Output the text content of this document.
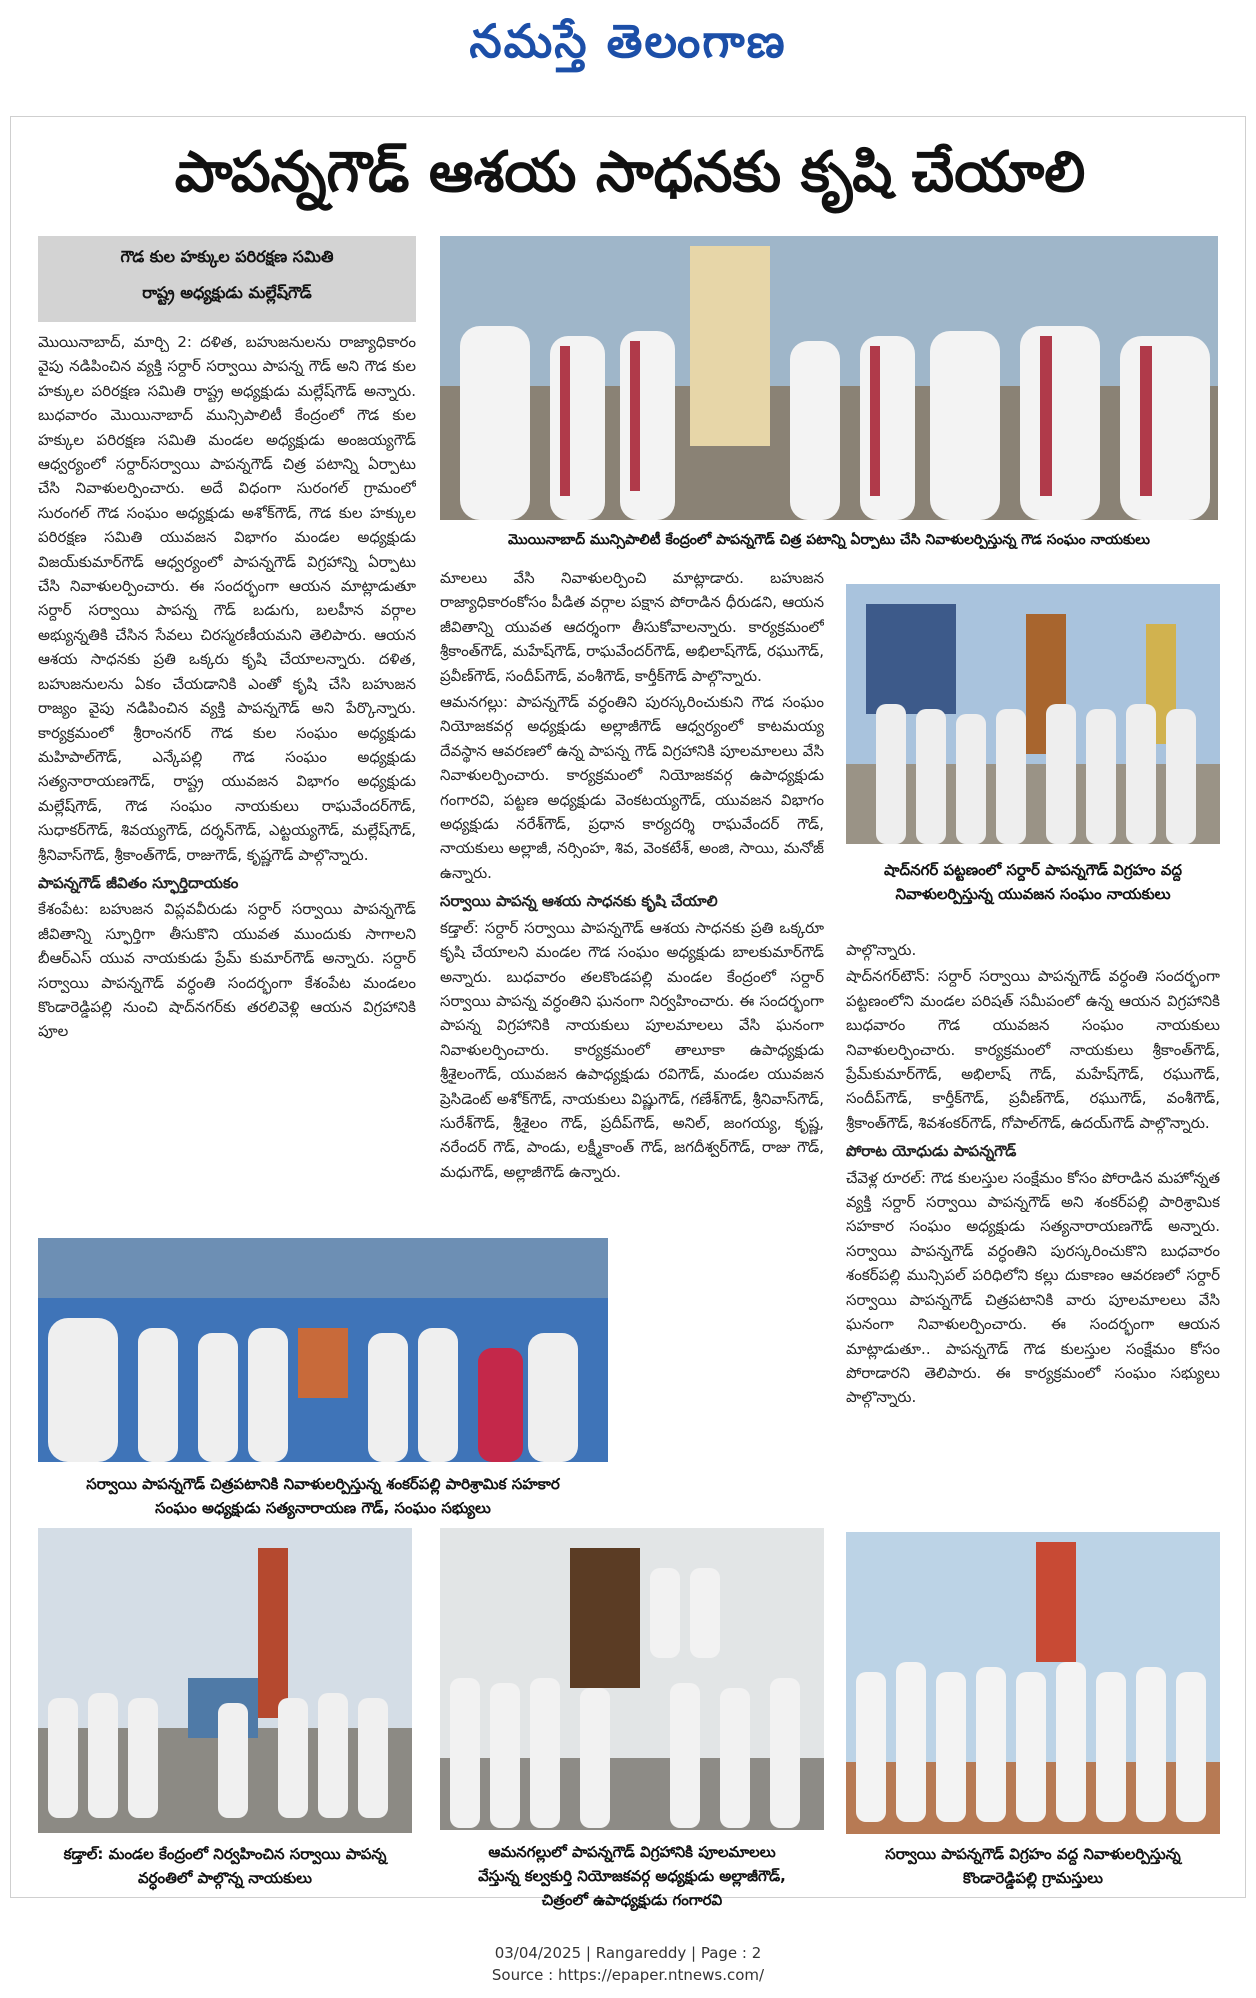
నమస్తే తెలంగాణ
పాపన్నగౌడ్ ఆశయ సాధనకు కృషి చేయాలి
గౌడ కుల హక్కుల పరిరక్షణ సమితి
రాష్ట్ర అధ్యక్షుడు మల్లేష్‌గౌడ్

మొయినాబాద్, మార్చి 2: దళిత, బహుజనులను రాజ్యాధికారం వైపు నడిపించిన వ్యక్తి సర్దార్ సర్వాయి పాపన్న గౌడ్ అని గౌడ కుల హక్కుల పరిరక్షణ సమితి రాష్ట్ర అధ్యక్షుడు మల్లేష్‌గౌడ్ అన్నారు. బుధవారం మొయినాబాద్ మున్సిపాలిటీ కేంద్రంలో గౌడ కుల హక్కుల పరిరక్షణ సమితి మండల అధ్యక్షుడు అంజయ్యగౌడ్ ఆధ్వర్యంలో సర్దార్‌సర్వాయి పాపన్నగౌడ్ చిత్ర పటాన్ని ఏర్పాటు చేసి నివాళులర్పించారు. అదే విధంగా సురంగల్ గ్రామంలో సురంగల్ గౌడ సంఘం అధ్యక్షుడు అశోక్‌గౌడ్, గౌడ కుల హక్కుల పరిరక్షణ సమితి యువజన విభాగం మండల అధ్యక్షుడు విజయ్‌కుమార్‌గౌడ్ ఆధ్వర్యంలో పాపన్నగౌడ్ విగ్రహాన్ని ఏర్పాటు చేసి నివాళులర్పించారు. ఈ సందర్భంగా ఆయన మాట్లాడుతూ సర్దార్ సర్వాయి పాపన్న గౌడ్ బడుగు, బలహీన వర్గాల అభ్యున్నతికి చేసిన సేవలు చిరస్మరణీయమని తెలిపారు. ఆయన ఆశయ సాధనకు ప్రతి ఒక్కరు కృషి చేయాలన్నారు. దళిత, బహుజనులను ఏకం చేయడానికి ఎంతో కృషి చేసి బహుజన రాజ్యం వైపు నడిపించిన వ్యక్తి పాపన్నగౌడ్ అని పేర్కొన్నారు. కార్యక్రమంలో శ్రీరాంనగర్ గౌడ కుల సంఘం అధ్యక్షుడు మహిపాల్‌గౌడ్, ఎన్కేపల్లి గౌడ సంఘం అధ్యక్షుడు సత్యనారాయణగౌడ్, రాష్ట్ర యువజన విభాగం అధ్యక్షుడు మల్లేష్‌గౌడ్, గౌడ సంఘం నాయకులు రాఘవేందర్‌గౌడ్, సుధాకర్‌గౌడ్, శివయ్యగౌడ్, దర్శన్‌గౌడ్, ఎట్టయ్యగౌడ్, మల్లేష్‌గౌడ్, శ్రీనివాస్‌గౌడ్, శ్రీకాంత్‌గౌడ్, రాజుగౌడ్, కృష్ణగౌడ్ పాల్గొన్నారు.

పాపన్నగౌడ్ జీవితం స్ఫూర్తిదాయకం

కేశంపేట: బహుజన విప్లవవీరుడు సర్దార్ సర్వాయి పాపన్నగౌడ్ జీవితాన్ని స్ఫూర్తిగా తీసుకొని యువత ముందుకు సాగాలని బీఆర్‌ఎస్ యువ నాయకుడు ప్రేమ్ కుమార్‌గౌడ్ అన్నారు. సర్దార్ సర్వాయి పాపన్నగౌడ్ వర్ధంతి సందర్భంగా కేశంపేట మండలం కొండారెడ్డిపల్లి నుంచి షాద్‌నగర్‌కు తరలివెళ్లి ఆయన విగ్రహానికి పూల

మొయినాబాద్ మున్సిపాలిటీ కేంద్రంలో పాపన్నగౌడ్ చిత్ర పటాన్ని ఏర్పాటు చేసి నివాళులర్పిస్తున్న గౌడ సంఘం నాయకులు

మాలలు వేసి నివాళులర్పించి మాట్లాడారు. బహుజన రాజ్యాధికారంకోసం పీడిత వర్గాల పక్షాన పోరాడిన ధీరుడని, ఆయన జీవితాన్ని యువత ఆదర్శంగా తీసుకోవాలన్నారు. కార్యక్రమంలో శ్రీకాంత్‌గౌడ్, మహేష్‌గౌడ్, రాఘవేందర్‌గౌడ్, అభిలాష్‌గౌడ్, రఘుగౌడ్, ప్రవీణ్‌గౌడ్, సందీప్‌గౌడ్, వంశీగౌడ్, కార్తీక్‌గౌడ్ పాల్గొన్నారు.

ఆమనగల్లు: పాపన్నగౌడ్ వర్ధంతిని పురస్కరించుకుని గౌడ సంఘం నియోజకవర్గ అధ్యక్షుడు అల్లాజీగౌడ్ ఆధ్వర్యంలో కాటమయ్య దేవస్థాన ఆవరణలో ఉన్న పాపన్న గౌడ్ విగ్రహానికి పూలమాలలు వేసి నివాళులర్పించారు. కార్యక్రమంలో నియోజకవర్గ ఉపాధ్యక్షుడు గంగారవి, పట్టణ అధ్యక్షుడు వెంకటయ్యగౌడ్, యువజన విభాగం అధ్యక్షుడు నరేశ్‌గౌడ్, ప్రధాన కార్యదర్శి రాఘవేందర్ గౌడ్, నాయకులు అల్లాజీ, నర్సింహ, శివ, వెంకటేశ్, అంజి, సాయి, మనోజ్ ఉన్నారు.

సర్వాయి పాపన్న ఆశయ సాధనకు కృషి చేయాలి

కడ్తాల్: సర్దార్ సర్వాయి పాపన్నగౌడ్ ఆశయ సాధనకు ప్రతి ఒక్కరూ కృషి చేయాలని మండల గౌడ సంఘం అధ్యక్షుడు బాలకుమార్‌గౌడ్ అన్నారు. బుధవారం తలకొండపల్లి మండల కేంద్రంలో సర్దార్ సర్వాయి పాపన్న వర్ధంతిని ఘనంగా నిర్వహించారు. ఈ సందర్భంగా పాపన్న విగ్రహానికి నాయకులు పూలమాలలు వేసి ఘనంగా నివాళులర్పించారు. కార్యక్రమంలో తాలూకా ఉపాధ్యక్షుడు శ్రీశైలంగౌడ్, యువజన ఉపాధ్యక్షుడు రవిగౌడ్, మండల యువజన ప్రెసిడెంట్ అశోక్‌గౌడ్, నాయకులు విష్ణుగౌడ్, గణేశ్‌గౌడ్, శ్రీనివాస్‌గౌడ్, సురేశ్‌గౌడ్, శ్రీశైలం గౌడ్, ప్రదీప్‌గౌడ్, అనిల్, జంగయ్య, కృష్ణ, నరేందర్ గౌడ్, పాండు, లక్ష్మీకాంత్ గౌడ్, జగదీశ్వర్‌గౌడ్, రాజు గౌడ్, మధుగౌడ్, అల్లాజీగౌడ్ ఉన్నారు.

షాద్‌నగర్ పట్టణంలో సర్దార్ పాపన్నగౌడ్ విగ్రహం వద్ద
నివాళులర్పిస్తున్న యువజన సంఘం నాయకులు

పాల్గొన్నారు.

షాద్‌నగర్‌టౌన్: సర్దార్ సర్వాయి పాపన్నగౌడ్ వర్ధంతి సందర్భంగా పట్టణంలోని మండల పరిషత్ సమీపంలో ఉన్న ఆయన విగ్రహానికి బుధవారం గౌడ యువజన సంఘం నాయకులు నివాళులర్పించారు. కార్యక్రమంలో నాయకులు శ్రీకాంత్‌గౌడ్, ప్రేమ్‌కుమార్‌గౌడ్, అభిలాష్ గౌడ్, మహేష్‌గౌడ్, రఘుగౌడ్, సందీప్‌గౌడ్, కార్తీక్‌గౌడ్, ప్రవీణ్‌గౌడ్, రఘుగౌడ్, వంశీగౌడ్, శ్రీకాంత్‌గౌడ్, శివశంకర్‌గౌడ్, గోపాల్‌గౌడ్, ఉదయ్‌గౌడ్ పాల్గొన్నారు.

పోరాట యోధుడు పాపన్నగౌడ్

చేవెళ్ల రూరల్: గౌడ కులస్తుల సంక్షేమం కోసం పోరాడిన మహోన్నత వ్యక్తి సర్దార్ సర్వాయి పాపన్నగౌడ్ అని శంకర్‌పల్లి పారిశ్రామిక సహకార సంఘం అధ్యక్షుడు సత్యనారాయణగౌడ్ అన్నారు. సర్వాయి పాపన్నగౌడ్ వర్ధంతిని పురస్కరించుకొని బుధవారం శంకర్‌పల్లి మున్సిపల్ పరిధిలోని కల్లు దుకాణం ఆవరణలో సర్దార్ సర్వాయి పాపన్నగౌడ్ చిత్రపటానికి వారు పూలమాలలు వేసి ఘనంగా నివాళులర్పించారు. ఈ సందర్భంగా ఆయన మాట్లాడుతూ.. పాపన్నగౌడ్ గౌడ కులస్తుల సంక్షేమం కోసం పోరాడారని తెలిపారు. ఈ కార్యక్రమంలో సంఘం సభ్యులు పాల్గొన్నారు.

సర్వాయి పాపన్నగౌడ్ చిత్రపటానికి నివాళులర్పిస్తున్న శంకర్‌పల్లి పారిశ్రామిక సహకార
సంఘం అధ్యక్షుడు సత్యనారాయణ గౌడ్, సంఘం సభ్యులు
కడ్తాల్: మండల కేంద్రంలో నిర్వహించిన సర్వాయి పాపన్న
వర్ధంతిలో పాల్గొన్న నాయకులు
ఆమనగల్లులో పాపన్నగౌడ్ విగ్రహానికి పూలమాలలు
వేస్తున్న కల్వకుర్తి నియోజకవర్గ అధ్యక్షుడు అల్లాజీగౌడ్,
చిత్రంలో ఉపాధ్యక్షుడు గంగారవి
సర్వాయి పాపన్నగౌడ్ విగ్రహం వద్ద నివాళులర్పిస్తున్న
కొండారెడ్డిపల్లి గ్రామస్తులు
03/04/2025 | Rangareddy | Page : 2
Source : https://epaper.ntnews.com/
